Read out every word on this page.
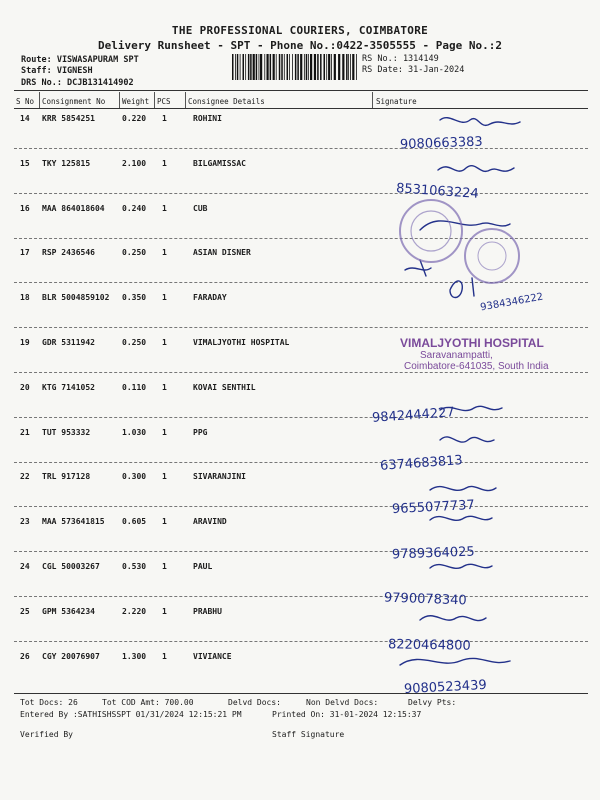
THE PROFESSIONAL COURIERS, COIMBATORE
Delivery Runsheet - SPT - Phone No.:0422-3505555 - Page No.:2
Route: VISWASAPURAM SPT
Staff: VIGNESH
DRS No.: DCJB131414902
RS No.: 1314149
RS Date: 31-Jan-2024
S No Consignment No Weight PCS Consignee Details	Signature
14 KRR 5854251	0.220 1	ROHINI
15 TKY 125815	2.100 1	BILGAMISSAC
16 MAA 864018604 0.240 1	CUB
17 RSP 2436546	0.250 1	ASIAN DISNER
18 BLR 5004859102 0.350 1	FARADAY
19 GDR 5311942	0.250 1	VIMALJYOTHI HOSPITAL
20 KTG 7141052	0.110 1	KOVAI SENTHIL
21 TUT 953332	1.030 1	PPG
22 TRL 917128	0.300 1	SIVARANJINI
23 MAA 573641815 0.605 1	ARAVIND
24 CGL 50003267	0.530 1	PAUL
25 GPM 5364234	2.220 1	PRABHU
26 CGY 20076907	1.300 1	VIVIANCE
9080663383
8531063224
9384346222
VIMALJYOTHI HOSPITAL
Saravanampatti,
Coimbatore-641035, South India
9842444227
6374683813
9655077737
9789364025
9790078340
8220464800
9080523439
Tot Docs: 26	Tot COD Amt: 700.00	Delvd Docs:	Non Delvd Docs:	Delvy Pts:
Entered By :SATHISHSSPT 01/31/2024 12:15:21 PM	Printed On: 31-01-2024 12:15:37
Verified By	Staff Signature
